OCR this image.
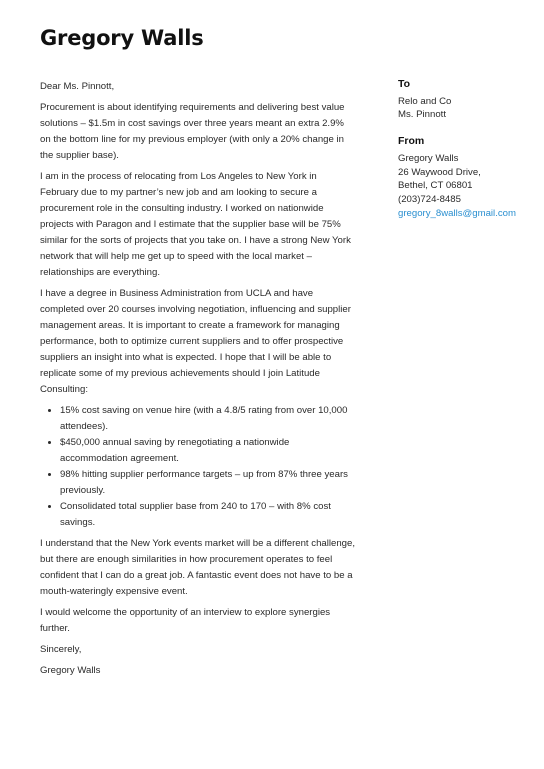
Gregory Walls

Dear Ms. Pinnott,

Procurement is about identifying requirements and delivering best value solutions – $1.5m in cost savings over three years meant an extra 2.9% on the bottom line for my previous employer (with only a 20% change in the supplier base).

I am in the process of relocating from Los Angeles to New York in February due to my partner’s new job and am looking to secure a procurement role in the consulting industry. I worked on nationwide projects with Paragon and I estimate that the supplier base will be 75% similar for the sorts of projects that you take on. I have a strong New York network that will help me get up to speed with the local market – relationships are everything.

I have a degree in Business Administration from UCLA and have completed over 20 courses involving negotiation, influencing and supplier management areas. It is important to create a framework for managing performance, both to optimize current suppliers and to offer prospective suppliers an insight into what is expected. I hope that I will be able to replicate some of my previous achievements should I join Latitude Consulting:

• 15% cost saving on venue hire (with a 4.8/5 rating from over 10,000 attendees).
• $450,000 annual saving by renegotiating a nationwide accommodation agreement.
• 98% hitting supplier performance targets – up from 87% three years previously.
• Consolidated total supplier base from 240 to 170 – with 8% cost savings.

I understand that the New York events market will be a different challenge, but there are enough similarities in how procurement operates to feel confident that I can do a great job. A fantastic event does not have to be a mouth-wateringly expensive event.

I would welcome the opportunity of an interview to explore synergies further.

Sincerely,

Gregory Walls

To
Relo and Co
Ms. Pinnott
From
Gregory Walls
26 Waywood Drive,
Bethel, CT 06801
(203)724-8485
gregory_8walls@gmail.com
